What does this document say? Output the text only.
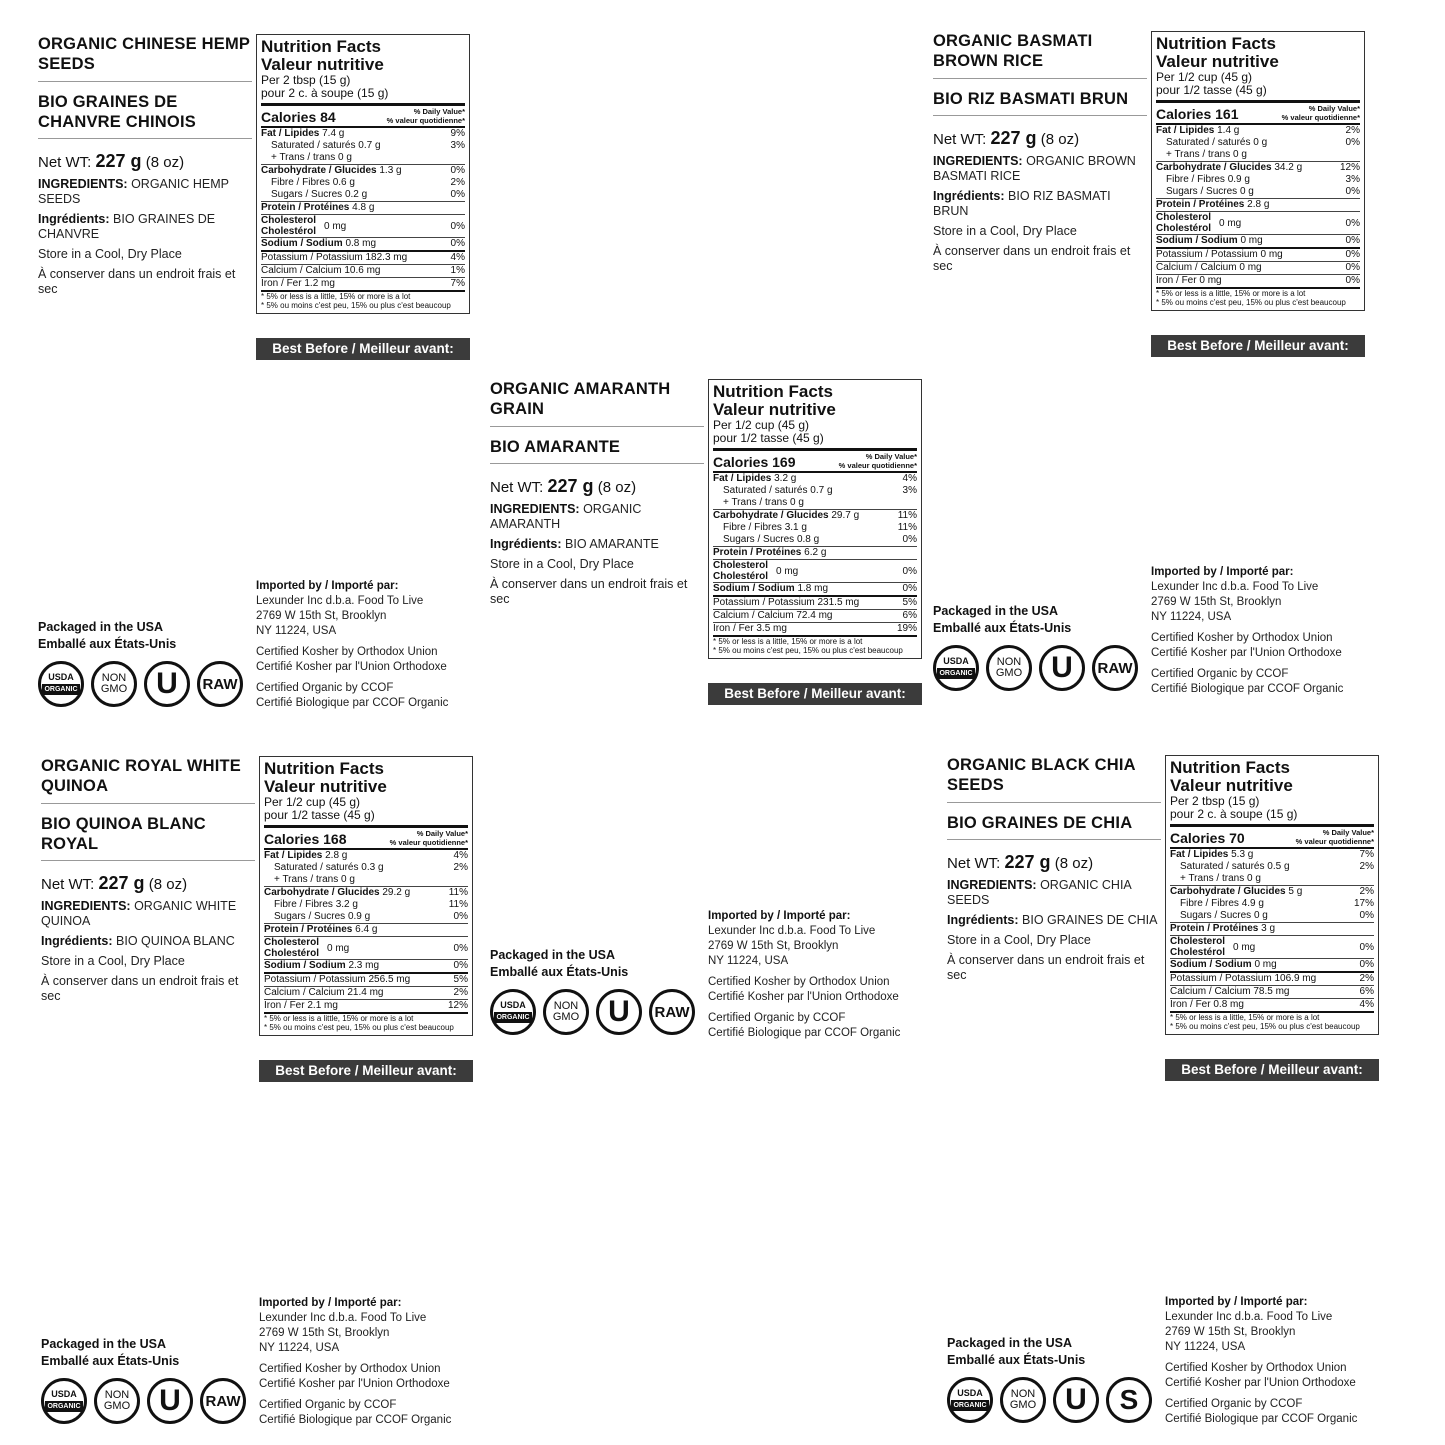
ORGANIC CHINESE HEMP SEEDS
BIO GRAINES DE CHANVRE CHINOIS
Net WT: 227 g (8 oz)

INGREDIENTS: ORGANIC HEMP SEEDS

Ingrédients: BIO GRAINES DE CHANVRE

Store in a Cool, Dry Place

À conserver dans un endroit frais et sec

Nutrition Facts
Valeur nutritive
Per 2 tbsp (15 g)
pour 2 c. à soupe (15 g)
Calories 84	% Daily Value*
% valeur quotidienne*
Fat / Lipides 7.4 g	9%
Saturated / saturés 0.7 g	3%
+ Trans / trans 0 g
Carbohydrate / Glucides 1.3 g	0%
Fibre / Fibres 0.6 g	2%
Sugars / Sucres 0.2 g	0%
Protein / Protéines 4.8 g
Cholesterol
Cholestérol 0 mg	0%
Sodium / Sodium 0.8 mg	0%
Potassium / Potassium 182.3 mg	4%
Calcium / Calcium 10.6 mg	1%
Iron / Fer 1.2 mg	7%
* 5% or less is a little, 15% or more is a lot
* 5% ou moins c'est peu, 15% ou plus c'est beaucoup
Best Before / Meilleur avant:

Packaged in the USA

Emballé aux États-Unis

USDA
ORGANIC
NON
GMO U	RAW

Imported by / Importé par:
Lexunder Inc d.b.a. Food To Live
2769 W 15th St, Brooklyn
NY 11224, USA

Certified Kosher by Orthodox Union
Certifié Kosher par l'Union Orthodoxe

Certified Organic by CCOF
Certifié Biologique par CCOF Organic

ORGANIC AMARANTH GRAIN
BIO AMARANTE
Net WT: 227 g (8 oz)

INGREDIENTS: ORGANIC AMARANTH

Ingrédients: BIO AMARANTE

Store in a Cool, Dry Place

À conserver dans un endroit frais et sec

Nutrition Facts
Valeur nutritive
Per 1/2 cup (45 g)
pour 1/2 tasse (45 g)
Calories 169	% Daily Value*
% valeur quotidienne*
Fat / Lipides 3.2 g	4%
Saturated / saturés 0.7 g	3%
+ Trans / trans 0 g
Carbohydrate / Glucides 29.7 g	11%
Fibre / Fibres 3.1 g	11%
Sugars / Sucres 0.8 g	0%
Protein / Protéines 6.2 g
Cholesterol
Cholestérol 0 mg	0%
Sodium / Sodium 1.8 mg	0%
Potassium / Potassium 231.5 mg	5%
Calcium / Calcium 72.4 mg	6%
Iron / Fer 3.5 mg	19%
* 5% or less is a little, 15% or more is a lot
* 5% ou moins c'est peu, 15% ou plus c'est beaucoup
Best Before / Meilleur avant:

Packaged in the USA

Emballé aux États-Unis

USDA
ORGANIC
NON
GMO U	RAW

Imported by / Importé par:
Lexunder Inc d.b.a. Food To Live
2769 W 15th St, Brooklyn
NY 11224, USA

Certified Kosher by Orthodox Union
Certifié Kosher par l'Union Orthodoxe

Certified Organic by CCOF
Certifié Biologique par CCOF Organic

ORGANIC BASMATI BROWN RICE
BIO RIZ BASMATI BRUN
Net WT: 227 g (8 oz)

INGREDIENTS: ORGANIC BROWN BASMATI RICE

Ingrédients: BIO RIZ BASMATI BRUN

Store in a Cool, Dry Place

À conserver dans un endroit frais et sec

Nutrition Facts
Valeur nutritive
Per 1/2 cup (45 g)
pour 1/2 tasse (45 g)
Calories 161	% Daily Value*
% valeur quotidienne*
Fat / Lipides 1.4 g	2%
Saturated / saturés 0 g	0%
+ Trans / trans 0 g
Carbohydrate / Glucides 34.2 g	12%
Fibre / Fibres 0.9 g	3%
Sugars / Sucres 0 g	0%
Protein / Protéines 2.8 g
Cholesterol
Cholestérol 0 mg	0%
Sodium / Sodium 0 mg	0%
Potassium / Potassium 0 mg	0%
Calcium / Calcium 0 mg	0%
Iron / Fer 0 mg	0%
* 5% or less is a little, 15% or more is a lot
* 5% ou moins c'est peu, 15% ou plus c'est beaucoup
Best Before / Meilleur avant:

Packaged in the USA

Emballé aux États-Unis

USDA
ORGANIC
NON
GMO U	RAW

Imported by / Importé par:
Lexunder Inc d.b.a. Food To Live
2769 W 15th St, Brooklyn
NY 11224, USA

Certified Kosher by Orthodox Union
Certifié Kosher par l'Union Orthodoxe

Certified Organic by CCOF
Certifié Biologique par CCOF Organic

ORGANIC ROYAL WHITE QUINOA
BIO QUINOA BLANC ROYAL
Net WT: 227 g (8 oz)

INGREDIENTS: ORGANIC WHITE QUINOA

Ingrédients: BIO QUINOA BLANC

Store in a Cool, Dry Place

À conserver dans un endroit frais et sec

Nutrition Facts
Valeur nutritive
Per 1/2 cup (45 g)
pour 1/2 tasse (45 g)
Calories 168	% Daily Value*
% valeur quotidienne*
Fat / Lipides 2.8 g	4%
Saturated / saturés 0.3 g	2%
+ Trans / trans 0 g
Carbohydrate / Glucides 29.2 g	11%
Fibre / Fibres 3.2 g	11%
Sugars / Sucres 0.9 g	0%
Protein / Protéines 6.4 g
Cholesterol
Cholestérol 0 mg	0%
Sodium / Sodium 2.3 mg	0%
Potassium / Potassium 256.5 mg	5%
Calcium / Calcium 21.4 mg	2%
Iron / Fer 2.1 mg	12%
* 5% or less is a little, 15% or more is a lot
* 5% ou moins c'est peu, 15% ou plus c'est beaucoup
Best Before / Meilleur avant:

Packaged in the USA

Emballé aux États-Unis

USDA
ORGANIC
NON
GMO U	RAW

Imported by / Importé par:
Lexunder Inc d.b.a. Food To Live
2769 W 15th St, Brooklyn
NY 11224, USA

Certified Kosher by Orthodox Union
Certifié Kosher par l'Union Orthodoxe

Certified Organic by CCOF
Certifié Biologique par CCOF Organic

ORGANIC BLACK CHIA SEEDS
BIO GRAINES DE CHIA
Net WT: 227 g (8 oz)

INGREDIENTS: ORGANIC CHIA SEEDS

Ingrédients: BIO GRAINES DE CHIA

Store in a Cool, Dry Place

À conserver dans un endroit frais et sec

Nutrition Facts
Valeur nutritive
Per 2 tbsp (15 g)
pour 2 c. à soupe (15 g)
Calories 70	% Daily Value*
% valeur quotidienne*
Fat / Lipides 5.3 g	7%
Saturated / saturés 0.5 g	2%
+ Trans / trans 0 g
Carbohydrate / Glucides 5 g	2%
Fibre / Fibres 4.9 g	17%
Sugars / Sucres 0 g	0%
Protein / Protéines 3 g
Cholesterol
Cholestérol 0 mg	0%
Sodium / Sodium 0 mg	0%
Potassium / Potassium 106.9 mg	2%
Calcium / Calcium 78.5 mg	6%
Iron / Fer 0.8 mg	4%
* 5% or less is a little, 15% or more is a lot
* 5% ou moins c'est peu, 15% ou plus c'est beaucoup
Best Before / Meilleur avant:

Packaged in the USA

Emballé aux États-Unis

USDA
ORGANIC
NON
GMO U	S

Imported by / Importé par:
Lexunder Inc d.b.a. Food To Live
2769 W 15th St, Brooklyn
NY 11224, USA

Certified Kosher by Orthodox Union
Certifié Kosher par l'Union Orthodoxe

Certified Organic by CCOF
Certifié Biologique par CCOF Organic
